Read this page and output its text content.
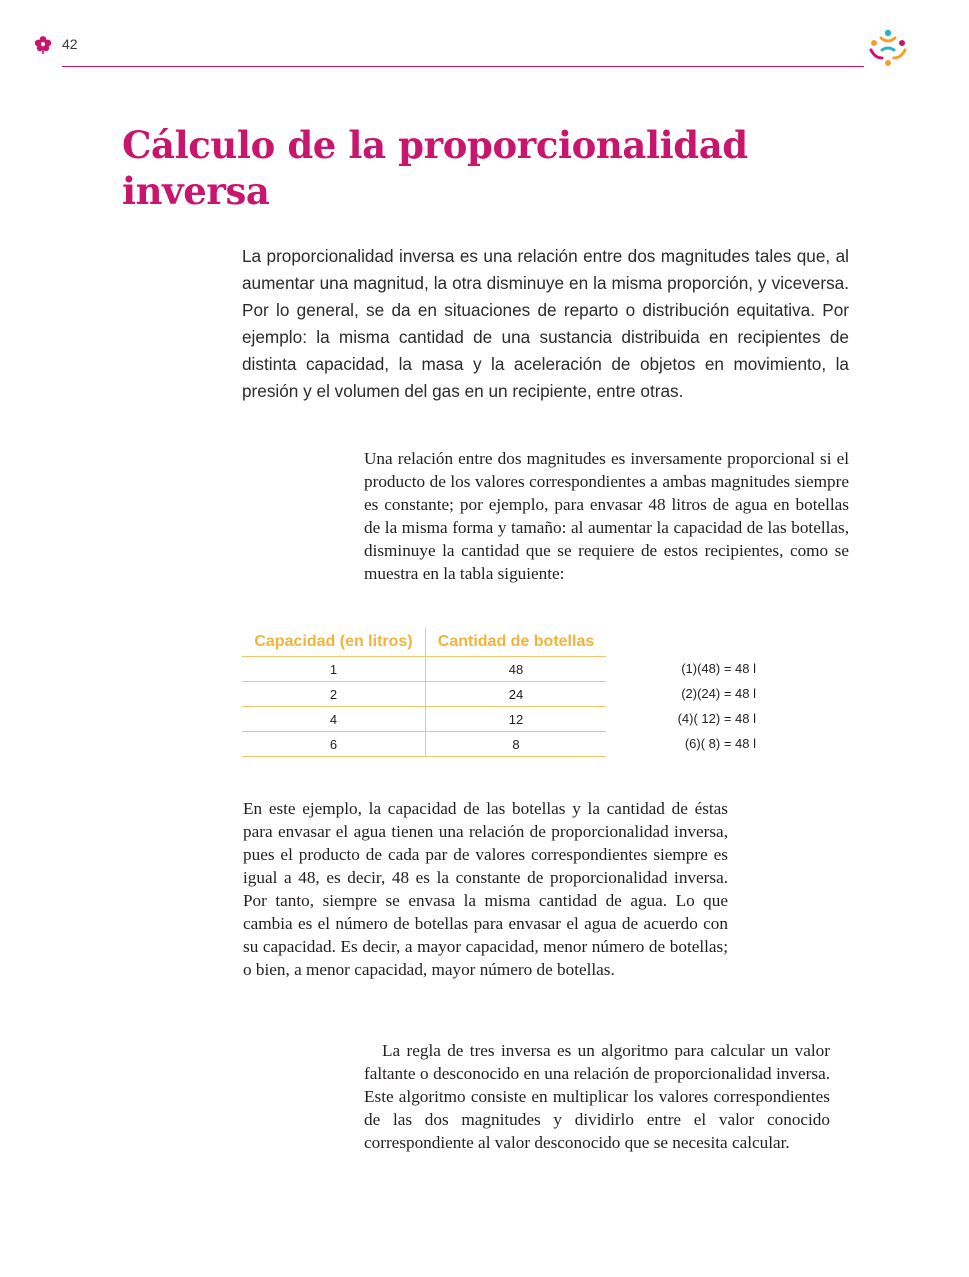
42
Cálculo de la proporcionalidad inversa

La proporcionalidad inversa es una relación entre dos magnitudes tales que, al aumentar una magnitud, la otra disminuye en la misma proporción, y viceversa. Por lo general, se da en situaciones de reparto o distribución equitativa. Por ejemplo: la misma cantidad de una sustancia distribuida en recipientes de distinta capacidad, la masa y la aceleración de objetos en movimiento, la presión y el volumen del gas en un recipiente, entre otras.

Una relación entre dos magnitudes es inversamente proporcional si el producto de los valores correspondientes a ambas magnitudes siempre es constante; por ejemplo, para envasar 48 litros de agua en botellas de la misma forma y tamaño: al aumentar la capacidad de las botellas, disminuye la cantidad que se requiere de estos recipientes, como se muestra en la tabla siguiente:

Capacidad (en litros)	Cantidad de botellas
1	48
2	24
4	12
6	8
(1)(48) = 48 l
(2)(24) = 48 l
(4)( 12) = 48 l
(6)( 8) = 48 l

En este ejemplo, la capacidad de las botellas y la cantidad de éstas para envasar el agua tienen una relación de proporcionalidad inversa, pues el producto de cada par de valores correspondientes siempre es igual a 48, es decir, 48 es la constante de proporcionalidad inversa. Por tanto, siempre se envasa la misma cantidad de agua. Lo que cambia es el número de botellas para envasar el agua de acuerdo con su capacidad. Es decir, a mayor capacidad, menor número de botellas; o bien, a menor capacidad, mayor número de botellas.

La regla de tres inversa es un algoritmo para calcular un valor faltante o desconocido en una relación de proporcionalidad inversa. Este algoritmo consiste en multiplicar los valores correspondientes de las dos magnitudes y dividirlo entre el valor conocido correspondiente al valor desconocido que se necesita calcular.
